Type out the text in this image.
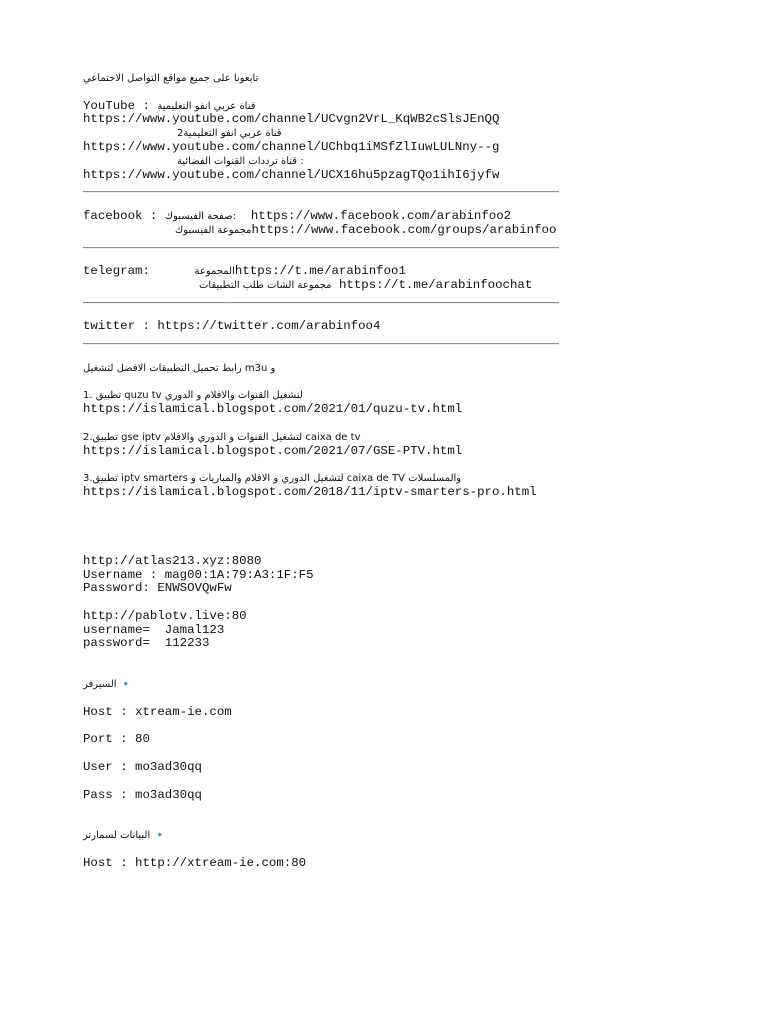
تابعونا على جميع مواقع التواصل الاجتماعي
YouTube : قناة عربي انفو التعليمية
https://www.youtube.com/channel/UCvgn2VrL_KqWB2cSlsJEnQQ
قناة عربي انفو التعليمية2
https://www.youtube.com/channel/UChbq1iMSfZlIuwLULNny--g
قناة ترددات القنوات الفضائية :
https://www.youtube.com/channel/UCX16hu5pzagTQo1ihI6jyfw
________________________________________________________________
facebook : صفحة الفيسبوك: https://www.facebook.com/arabinfoo2
مجموعة الفيسبوكhttps://www.facebook.com/groups/arabinfoo
________________________________________________________________
telegram:	المجموعةhttps://t.me/arabinfoo1
مجموعة الشات طلب التطبيقات https://t.me/arabinfoochat
________________________________________________________________
twitter : https://twitter.com/arabinfoo4
________________________________________________________________
رابط تحميل التطبيقات الافضل لتشغيل m3u و
1. تطبيق quzu tv لتشغيل القنوات والافلام و الدوري
https://islamical.blogspot.com/2021/01/quzu-tv.html
2.تطبيق gse iptv لتشغيل القنوات و الدوري والافلام caixa de tv
https://islamical.blogspot.com/2021/07/GSE-PTV.html
3.تطبيق iptv smarters لتشغيل الدوري و الافلام والمباريات و caixa de TV والمسلسلات
https://islamical.blogspot.com/2018/11/iptv-smarters-pro.html
http://atlas213.xyz:8080
Username : mag00:1A:79:A3:1F:F5
Password: ENWSOVQwFw
http://pablotv.live:80
username=  Jamal123
password=  112233
السيرفر 🔹
Host : xtream-ie.com
Port : 80
User : mo3ad30qq
Pass : mo3ad30qq
البيانات لسمارتر 🔹
Host : http://xtream-ie.com:80
